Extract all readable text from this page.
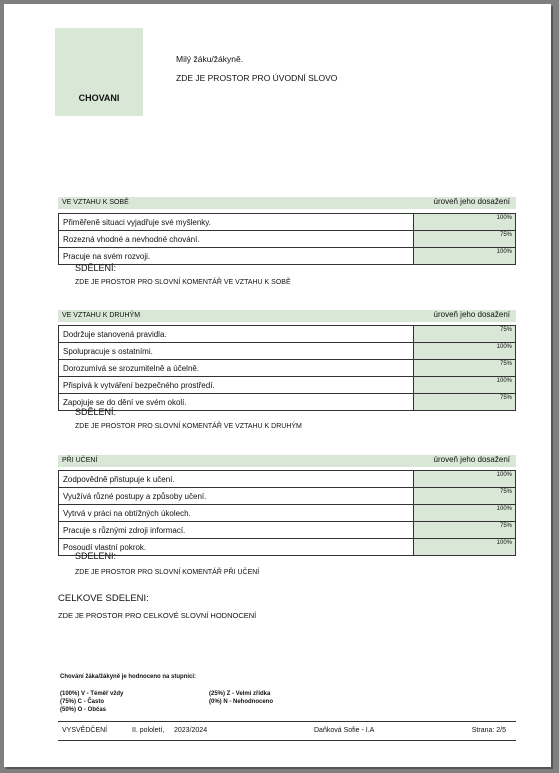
CHOVANI
Milý žáku/žákyně.
ZDE JE PROSTOR PRO ÚVODNÍ SLOVO
VE VZTAHU K SOBĚ	úroveň jeho dosažení
Přiměřeně situaci vyjadřuje své myšlenky.	100%
Rozezná vhodné a nevhodné chování.	75%
Pracuje na svém rozvoji.	100%
SDĚLENÍ:
ZDE JE PROSTOR PRO SLOVNÍ KOMENTÁŘ VE VZTAHU K SOBĚ
VE VZTAHU K DRUHÝM	úroveň jeho dosažení
Dodržuje stanovená pravidla.	75%
Spolupracuje s ostatními.	100%
Dorozumívá se srozumitelně a účelně.	75%
Přispívá k vytváření bezpečného prostředí.	100%
Zapojuje se do dění ve svém okolí.	75%
SDĚLENÍ:
ZDE JE PROSTOR PRO SLOVNÍ KOMENTÁŘ VE VZTAHU K DRUHÝM
PŘI UČENÍ	úroveň jeho dosažení
Zodpovědně přistupuje k učení.	100%
Využívá různé postupy a způsoby učení.	75%
Vytrvá v práci na obtížných úkolech.	100%
Pracuje s různými zdroji informací.	75%
Posoudí vlastní pokrok.	100%
SDELENI:
ZDE JE PROSTOR PRO SLOVNÍ KOMENTÁŘ PŘI UČENÍ
CELKOVE SDELENI:
ZDE JE PROSTOR PRO CELKOVÉ SLOVNÍ HODNOCENÍ
Chování žáka/žákyně je hodnoceno na stupnici:
(100%) V - Téměř vždy
(75%) C - Často
(50%) O - Občas
(25%) Z - Velmi zřídka
(0%) N - Nehodnoceno
VYSVĚDČENÍ	II. pololetí, 2023/2024	Daňková Sofie - I.A	Strana: 2/5
